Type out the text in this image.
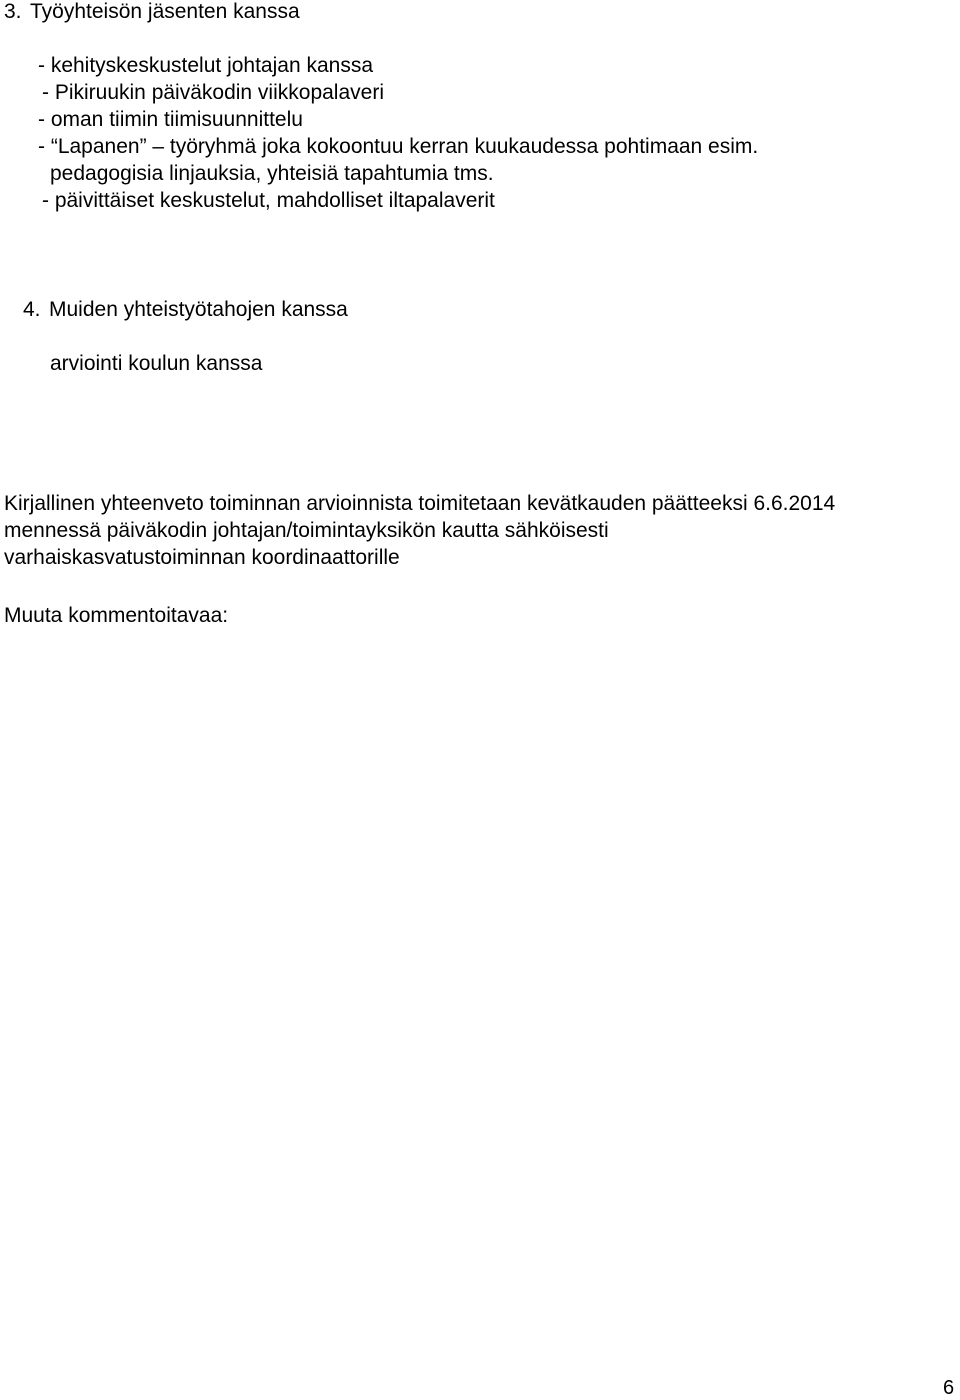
3. Työyhteisön jäsenten kanssa

- kehityskeskustelut johtajan kanssa

- Pikiruukin päiväkodin viikkopalaveri

- oman tiimin tiimisuunnittelu

- “Lapanen” – työryhmä joka kokoontuu kerran kuukaudessa pohtimaan esim.

pedagogisia linjauksia, yhteisiä tapahtumia tms.

- päivittäiset keskustelut, mahdolliset iltapalaverit

4. Muiden yhteistyötahojen kanssa

arviointi koulun kanssa

Kirjallinen yhteenveto toiminnan arvioinnista toimitetaan kevätkauden päätteeksi 6.6.2014

mennessä päiväkodin johtajan/toimintayksikön kautta sähköisesti

varhaiskasvatustoiminnan koordinaattorille

Muuta kommentoitavaa:

6
